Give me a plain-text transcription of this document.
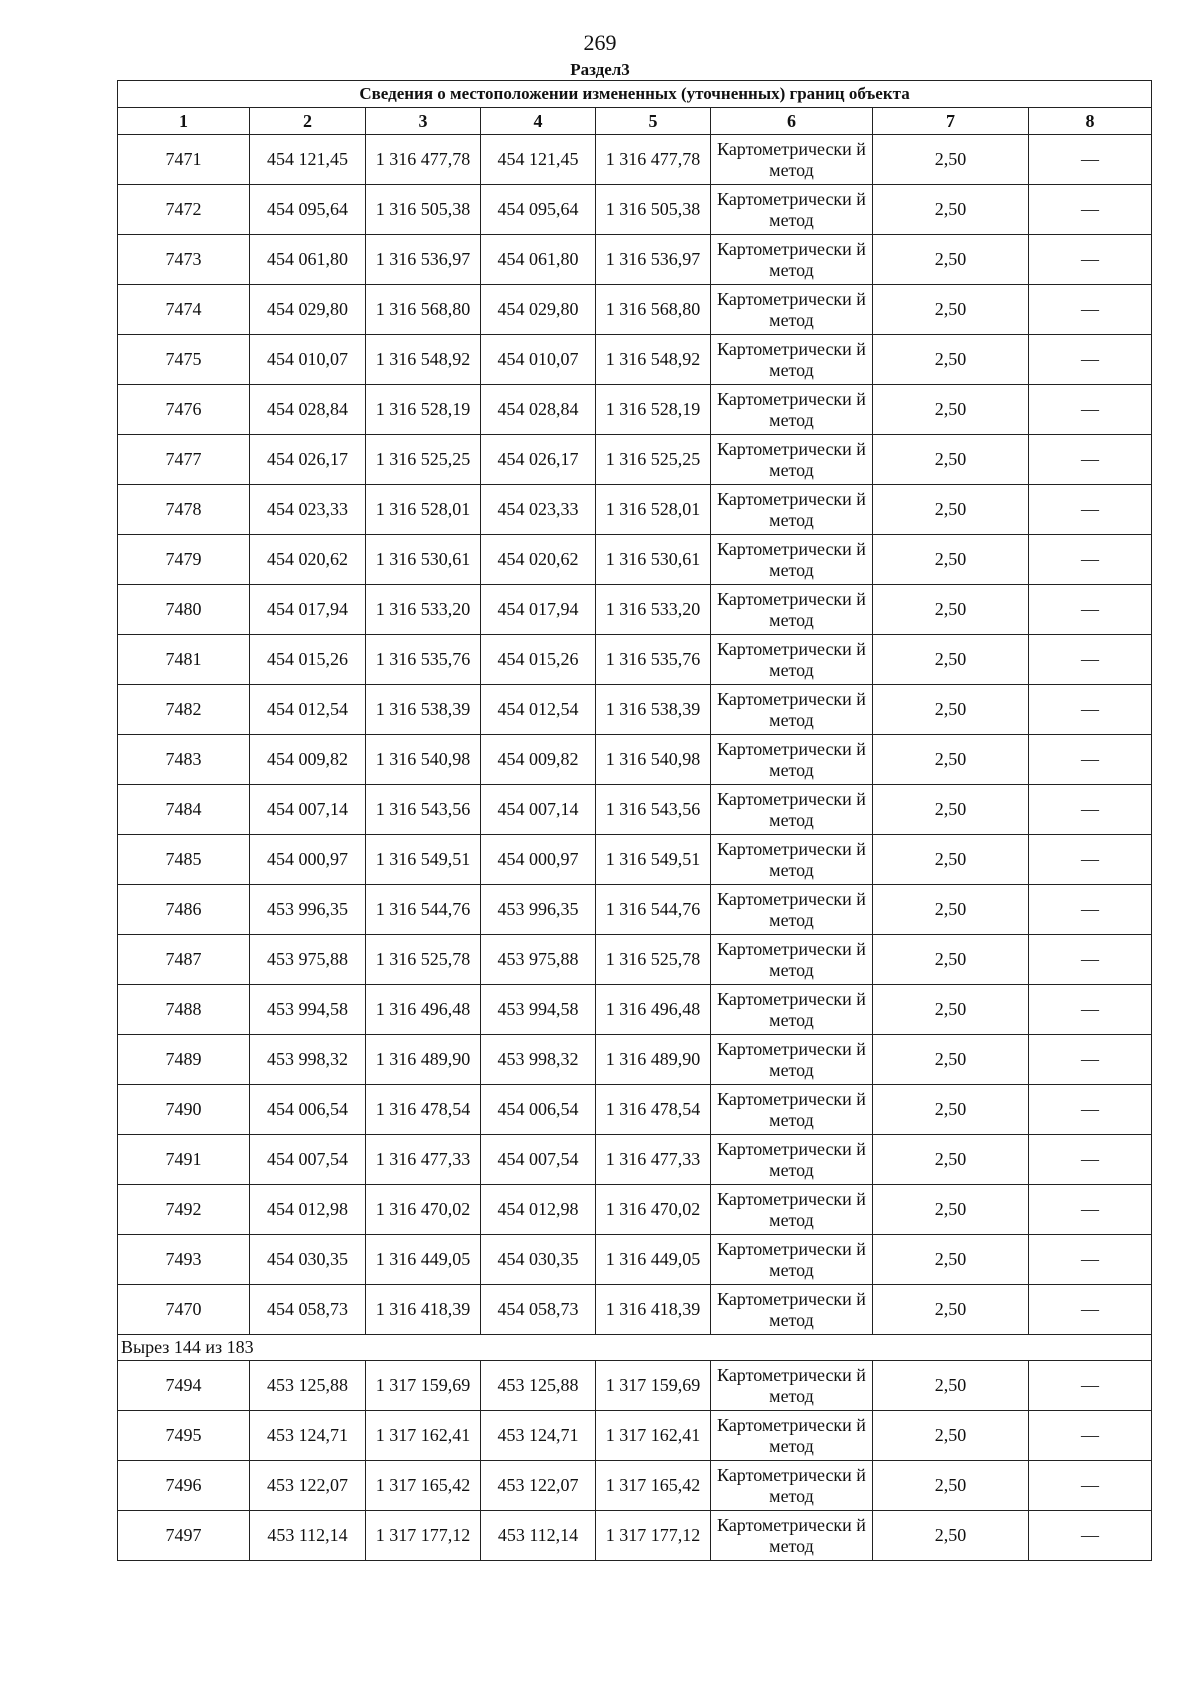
269
Раздел3
Сведения о местоположении измененных (уточненных) границ объекта							
1	2	3	4	5	6	7	8
7471	454 121,45	1 316 477,78	454 121,45	1 316 477,78	Картометрически й метод	2,50	—
7472	454 095,64	1 316 505,38	454 095,64	1 316 505,38	Картометрически й метод	2,50	—
7473	454 061,80	1 316 536,97	454 061,80	1 316 536,97	Картометрически й метод	2,50	—
7474	454 029,80	1 316 568,80	454 029,80	1 316 568,80	Картометрически й метод	2,50	—
7475	454 010,07	1 316 548,92	454 010,07	1 316 548,92	Картометрически й метод	2,50	—
7476	454 028,84	1 316 528,19	454 028,84	1 316 528,19	Картометрически й метод	2,50	—
7477	454 026,17	1 316 525,25	454 026,17	1 316 525,25	Картометрически й метод	2,50	—
7478	454 023,33	1 316 528,01	454 023,33	1 316 528,01	Картометрически й метод	2,50	—
7479	454 020,62	1 316 530,61	454 020,62	1 316 530,61	Картометрически й метод	2,50	—
7480	454 017,94	1 316 533,20	454 017,94	1 316 533,20	Картометрически й метод	2,50	—
7481	454 015,26	1 316 535,76	454 015,26	1 316 535,76	Картометрически й метод	2,50	—
7482	454 012,54	1 316 538,39	454 012,54	1 316 538,39	Картометрически й метод	2,50	—
7483	454 009,82	1 316 540,98	454 009,82	1 316 540,98	Картометрически й метод	2,50	—
7484	454 007,14	1 316 543,56	454 007,14	1 316 543,56	Картометрически й метод	2,50	—
7485	454 000,97	1 316 549,51	454 000,97	1 316 549,51	Картометрически й метод	2,50	—
7486	453 996,35	1 316 544,76	453 996,35	1 316 544,76	Картометрически й метод	2,50	—
7487	453 975,88	1 316 525,78	453 975,88	1 316 525,78	Картометрически й метод	2,50	—
7488	453 994,58	1 316 496,48	453 994,58	1 316 496,48	Картометрически й метод	2,50	—
7489	453 998,32	1 316 489,90	453 998,32	1 316 489,90	Картометрически й метод	2,50	—
7490	454 006,54	1 316 478,54	454 006,54	1 316 478,54	Картометрически й метод	2,50	—
7491	454 007,54	1 316 477,33	454 007,54	1 316 477,33	Картометрически й метод	2,50	—
7492	454 012,98	1 316 470,02	454 012,98	1 316 470,02	Картометрически й метод	2,50	—
7493	454 030,35	1 316 449,05	454 030,35	1 316 449,05	Картометрически й метод	2,50	—
7470	454 058,73	1 316 418,39	454 058,73	1 316 418,39	Картометрически й метод	2,50	—
Вырез 144 из 183							
7494	453 125,88	1 317 159,69	453 125,88	1 317 159,69	Картометрически й метод	2,50	—
7495	453 124,71	1 317 162,41	453 124,71	1 317 162,41	Картометрически й метод	2,50	—
7496	453 122,07	1 317 165,42	453 122,07	1 317 165,42	Картометрически й метод	2,50	—
7497	453 112,14	1 317 177,12	453 112,14	1 317 177,12	Картометрически й метод	2,50	—
